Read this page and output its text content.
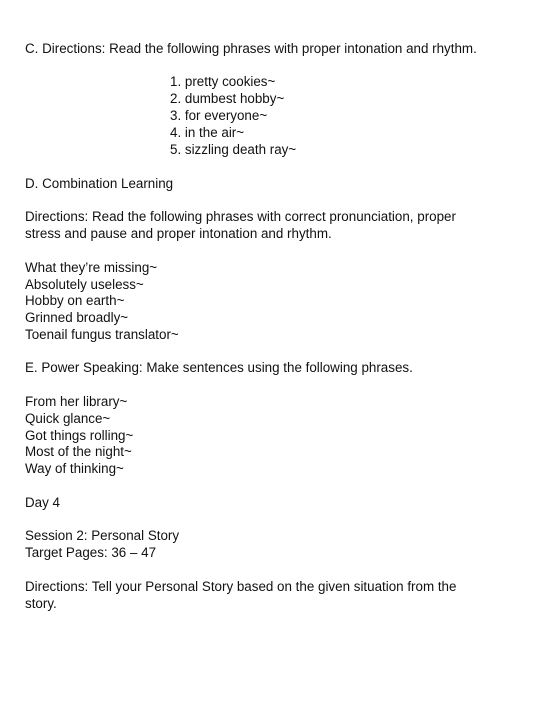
C. Directions: Read the following phrases with proper intonation and rhythm.
1. pretty cookies~
2. dumbest hobby~
3. for everyone~
4. in the air~
5. sizzling death ray~
D. Combination Learning
Directions: Read the following phrases with correct pronunciation, proper
stress and pause and proper intonation and rhythm.
What they’re missing~
Absolutely useless~
Hobby on earth~
Grinned broadly~
Toenail fungus translator~
E. Power Speaking: Make sentences using the following phrases.
From her library~
Quick glance~
Got things rolling~
Most of the night~
Way of thinking~
Day 4
Session 2: Personal Story
Target Pages: 36 – 47
Directions: Tell your Personal Story based on the given situation from the
story.
